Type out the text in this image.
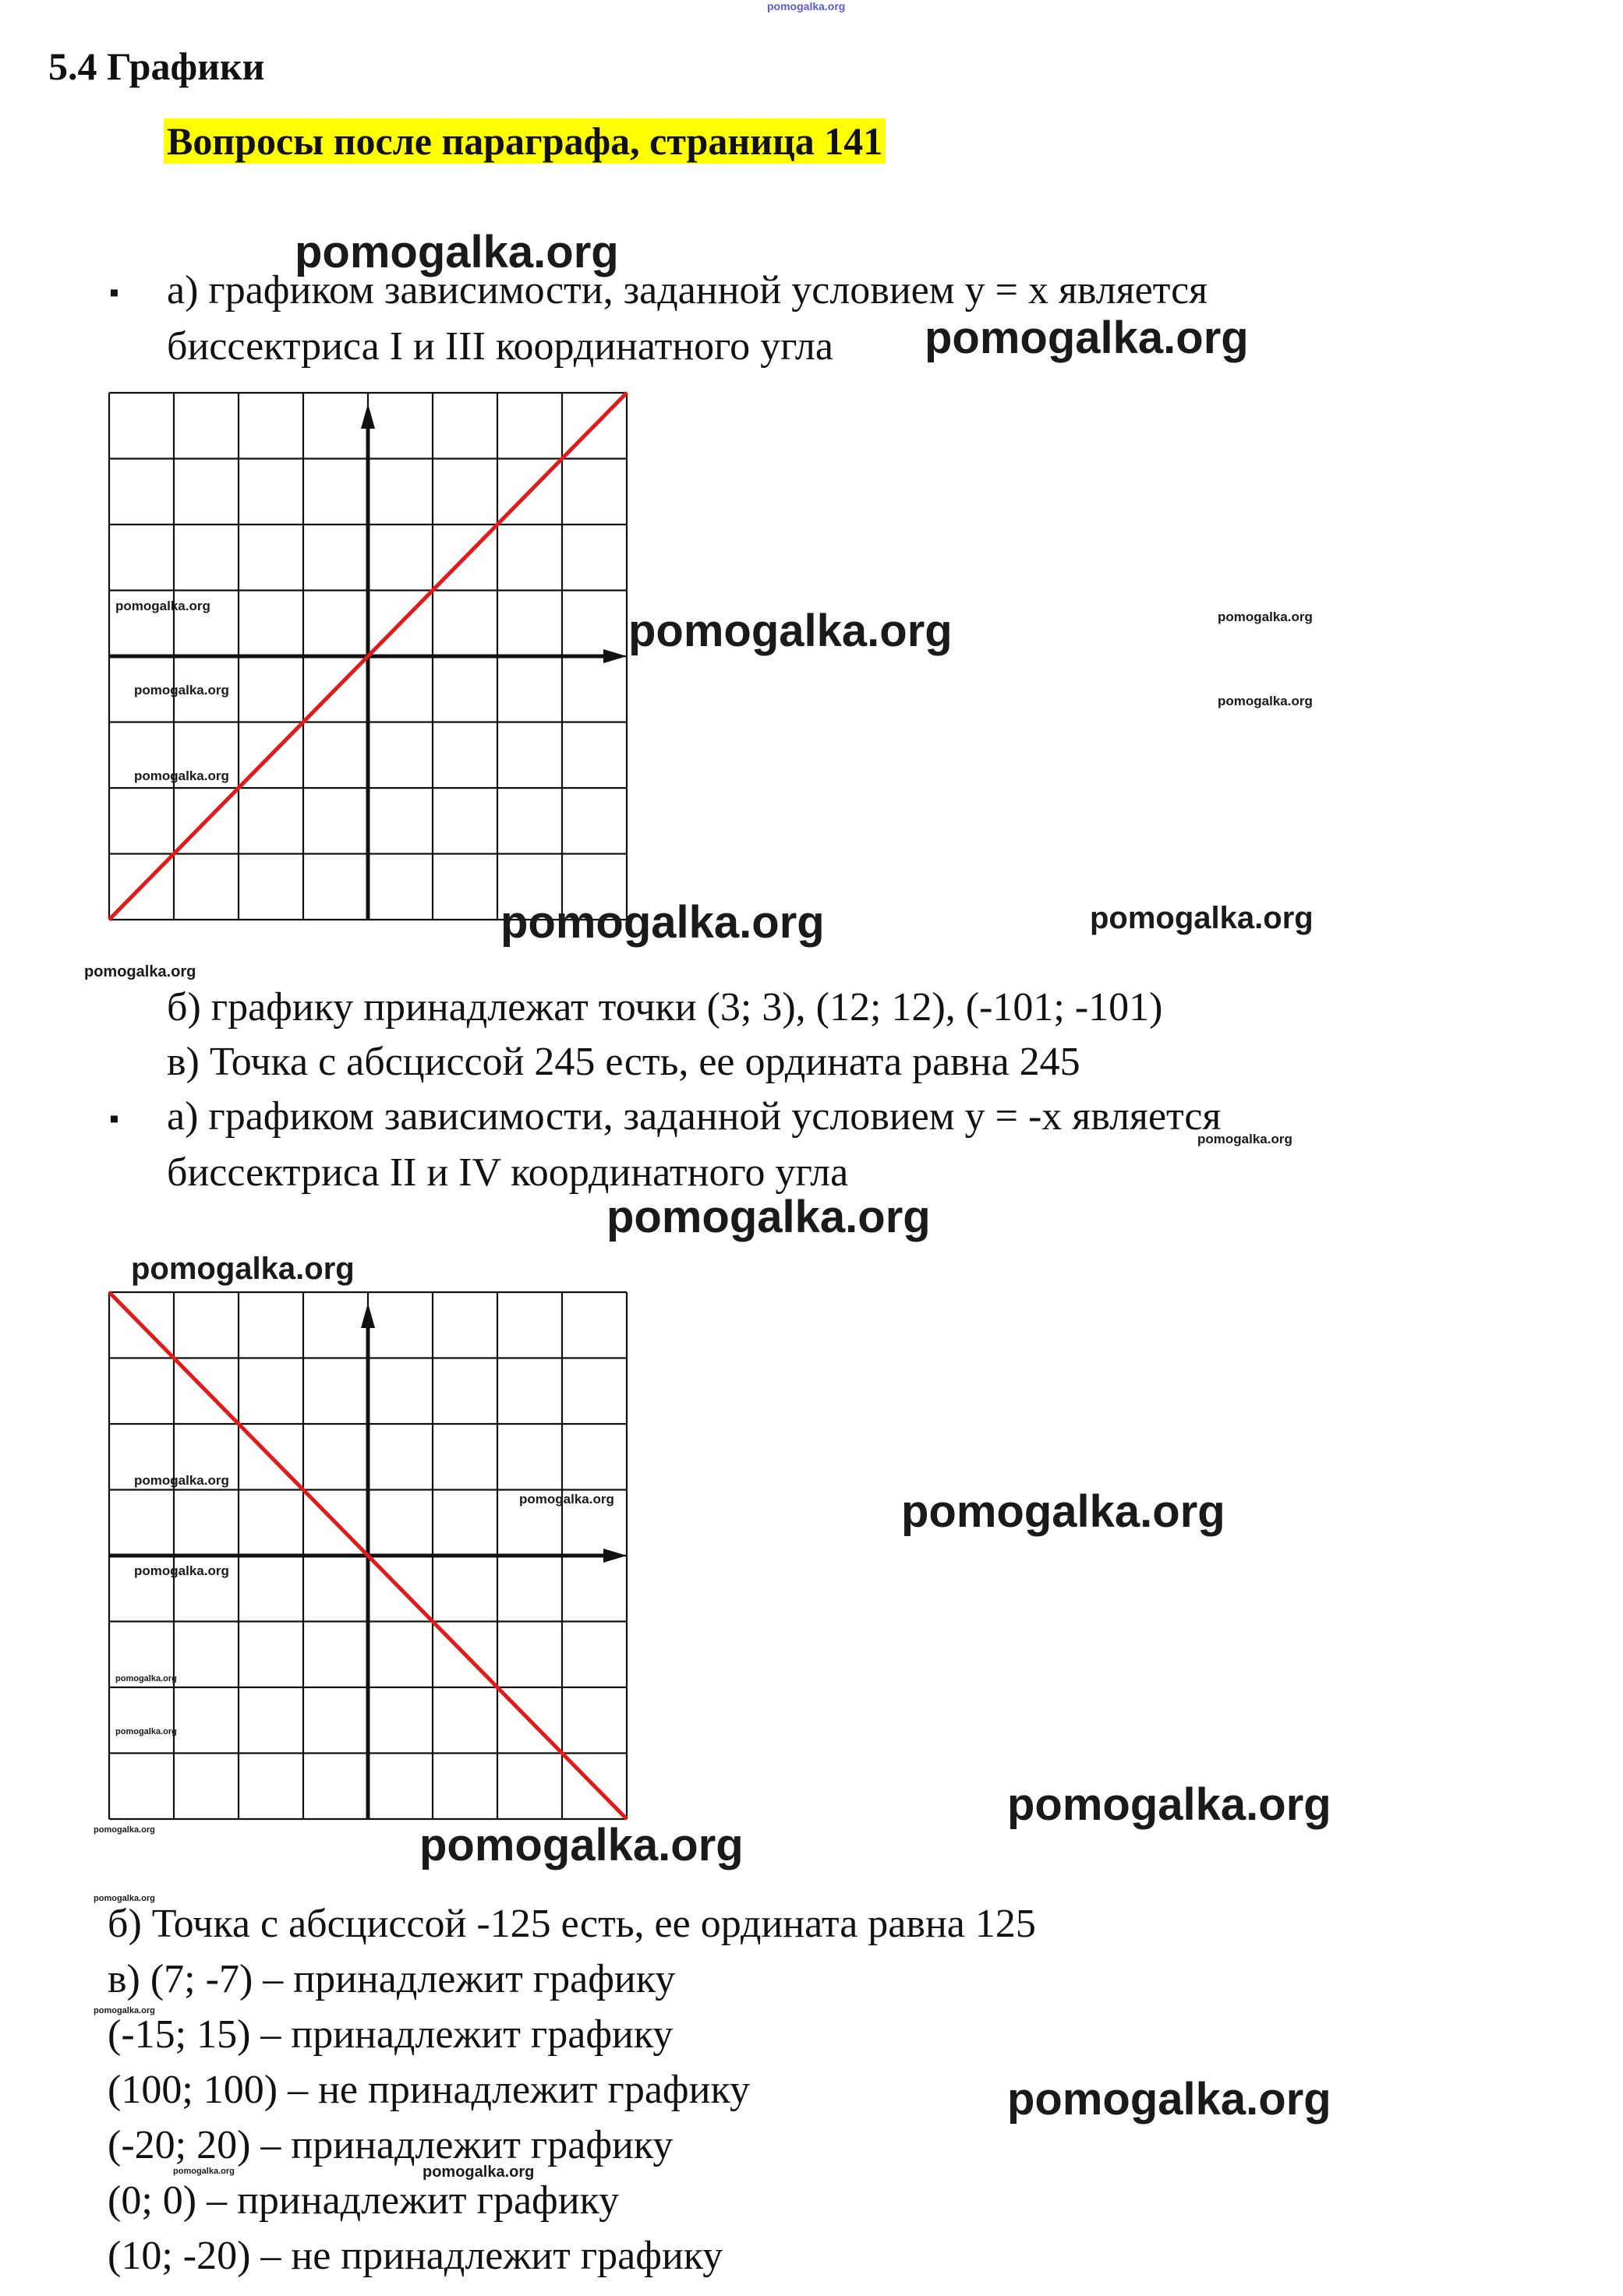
pomogalka.org
5.4 Графики
Вопросы после параграфа, страница 141
▪ а) графиком зависимости, заданной условием у = х является
биссектриса I и III координатного угла
б) графику принадлежат точки (3; 3), (12; 12), (-101; -101)
в) Точка с абсциссой 245 есть, ее ордината равна 245
▪ а) графиком зависимости, заданной условием у = -х является
биссектриса II и IV координатного угла
б) Точка с абсциссой -125 есть, ее ордината равна 125
в) (7; -7) – принадлежит графику
(-15; 15) – принадлежит графику
(100; 100) – не принадлежит графику
(-20; 20) – принадлежит графику
(0; 0) – принадлежит графику
(10; -20) – не принадлежит графику
pomogalka.org
pomogalka.org
pomogalka.org	pomogalka.org	pomogalka.org
pomogalka.org
pomogalka.org
pomogalka.org
pomogalka.org	pomogalka.org
pomogalka.org
pomogalka.org
pomogalka.org
pomogalka.org
pomogalka.org
pomogalka.org	pomogalka.org
pomogalka.org
pomogalka.org
pomogalka.org
pomogalka.org
pomogalka.org	pomogalka.org
pomogalka.org
pomogalka.org
pomogalka.org
pomogalka.org	pomogalka.org
